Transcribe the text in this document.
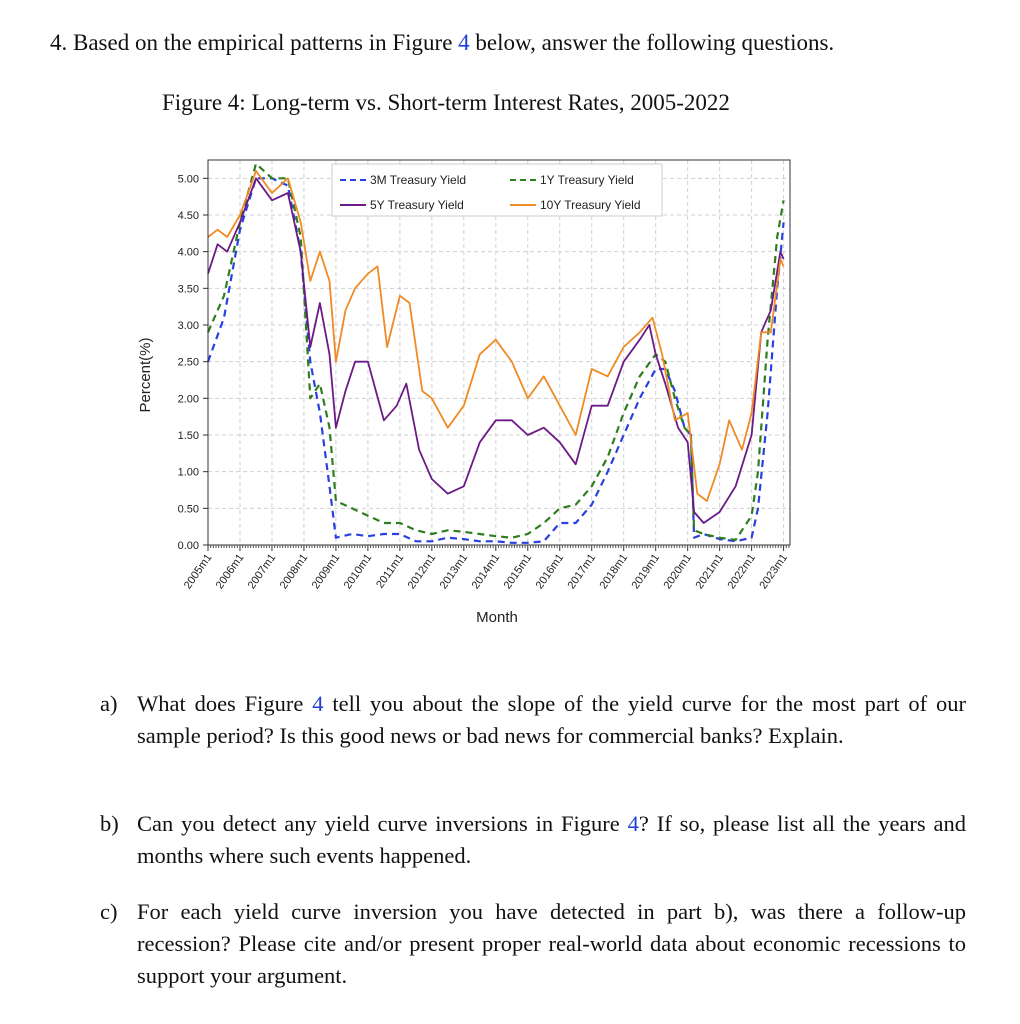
4. Based on the empirical patterns in Figure 4 below, answer the following questions.
Figure 4: Long-term vs. Short-term Interest Rates, 2005-2022
0.00
0.50
1.00
1.50
2.00
2.50
3.00
3.50
4.00
4.50
5.00
2005m1 2006m1 2007m1 2008m1 2009m1 2010m1 2011m1 2012m1 2013m1 2014m1 2015m1 2016m1 2017m1 2018m1 2019m1 2020m1 2021m1 2022m1 2023m1
3M Treasury Yield	1Y Treasury Yield
5Y Treasury Yield	10Y Treasury Yield
Percent(%)
Month
a) What does Figure 4 tell you about the slope of the yield curve for the most part of our sample period? Is this good news or bad news for commercial banks? Explain.
b) Can you detect any yield curve inversions in Figure 4? If so, please list all the years and months where such events happened.
c) For each yield curve inversion you have detected in part b), was there a follow-up recession? Please cite and/or present proper real-world data about economic recessions to support your argument.
